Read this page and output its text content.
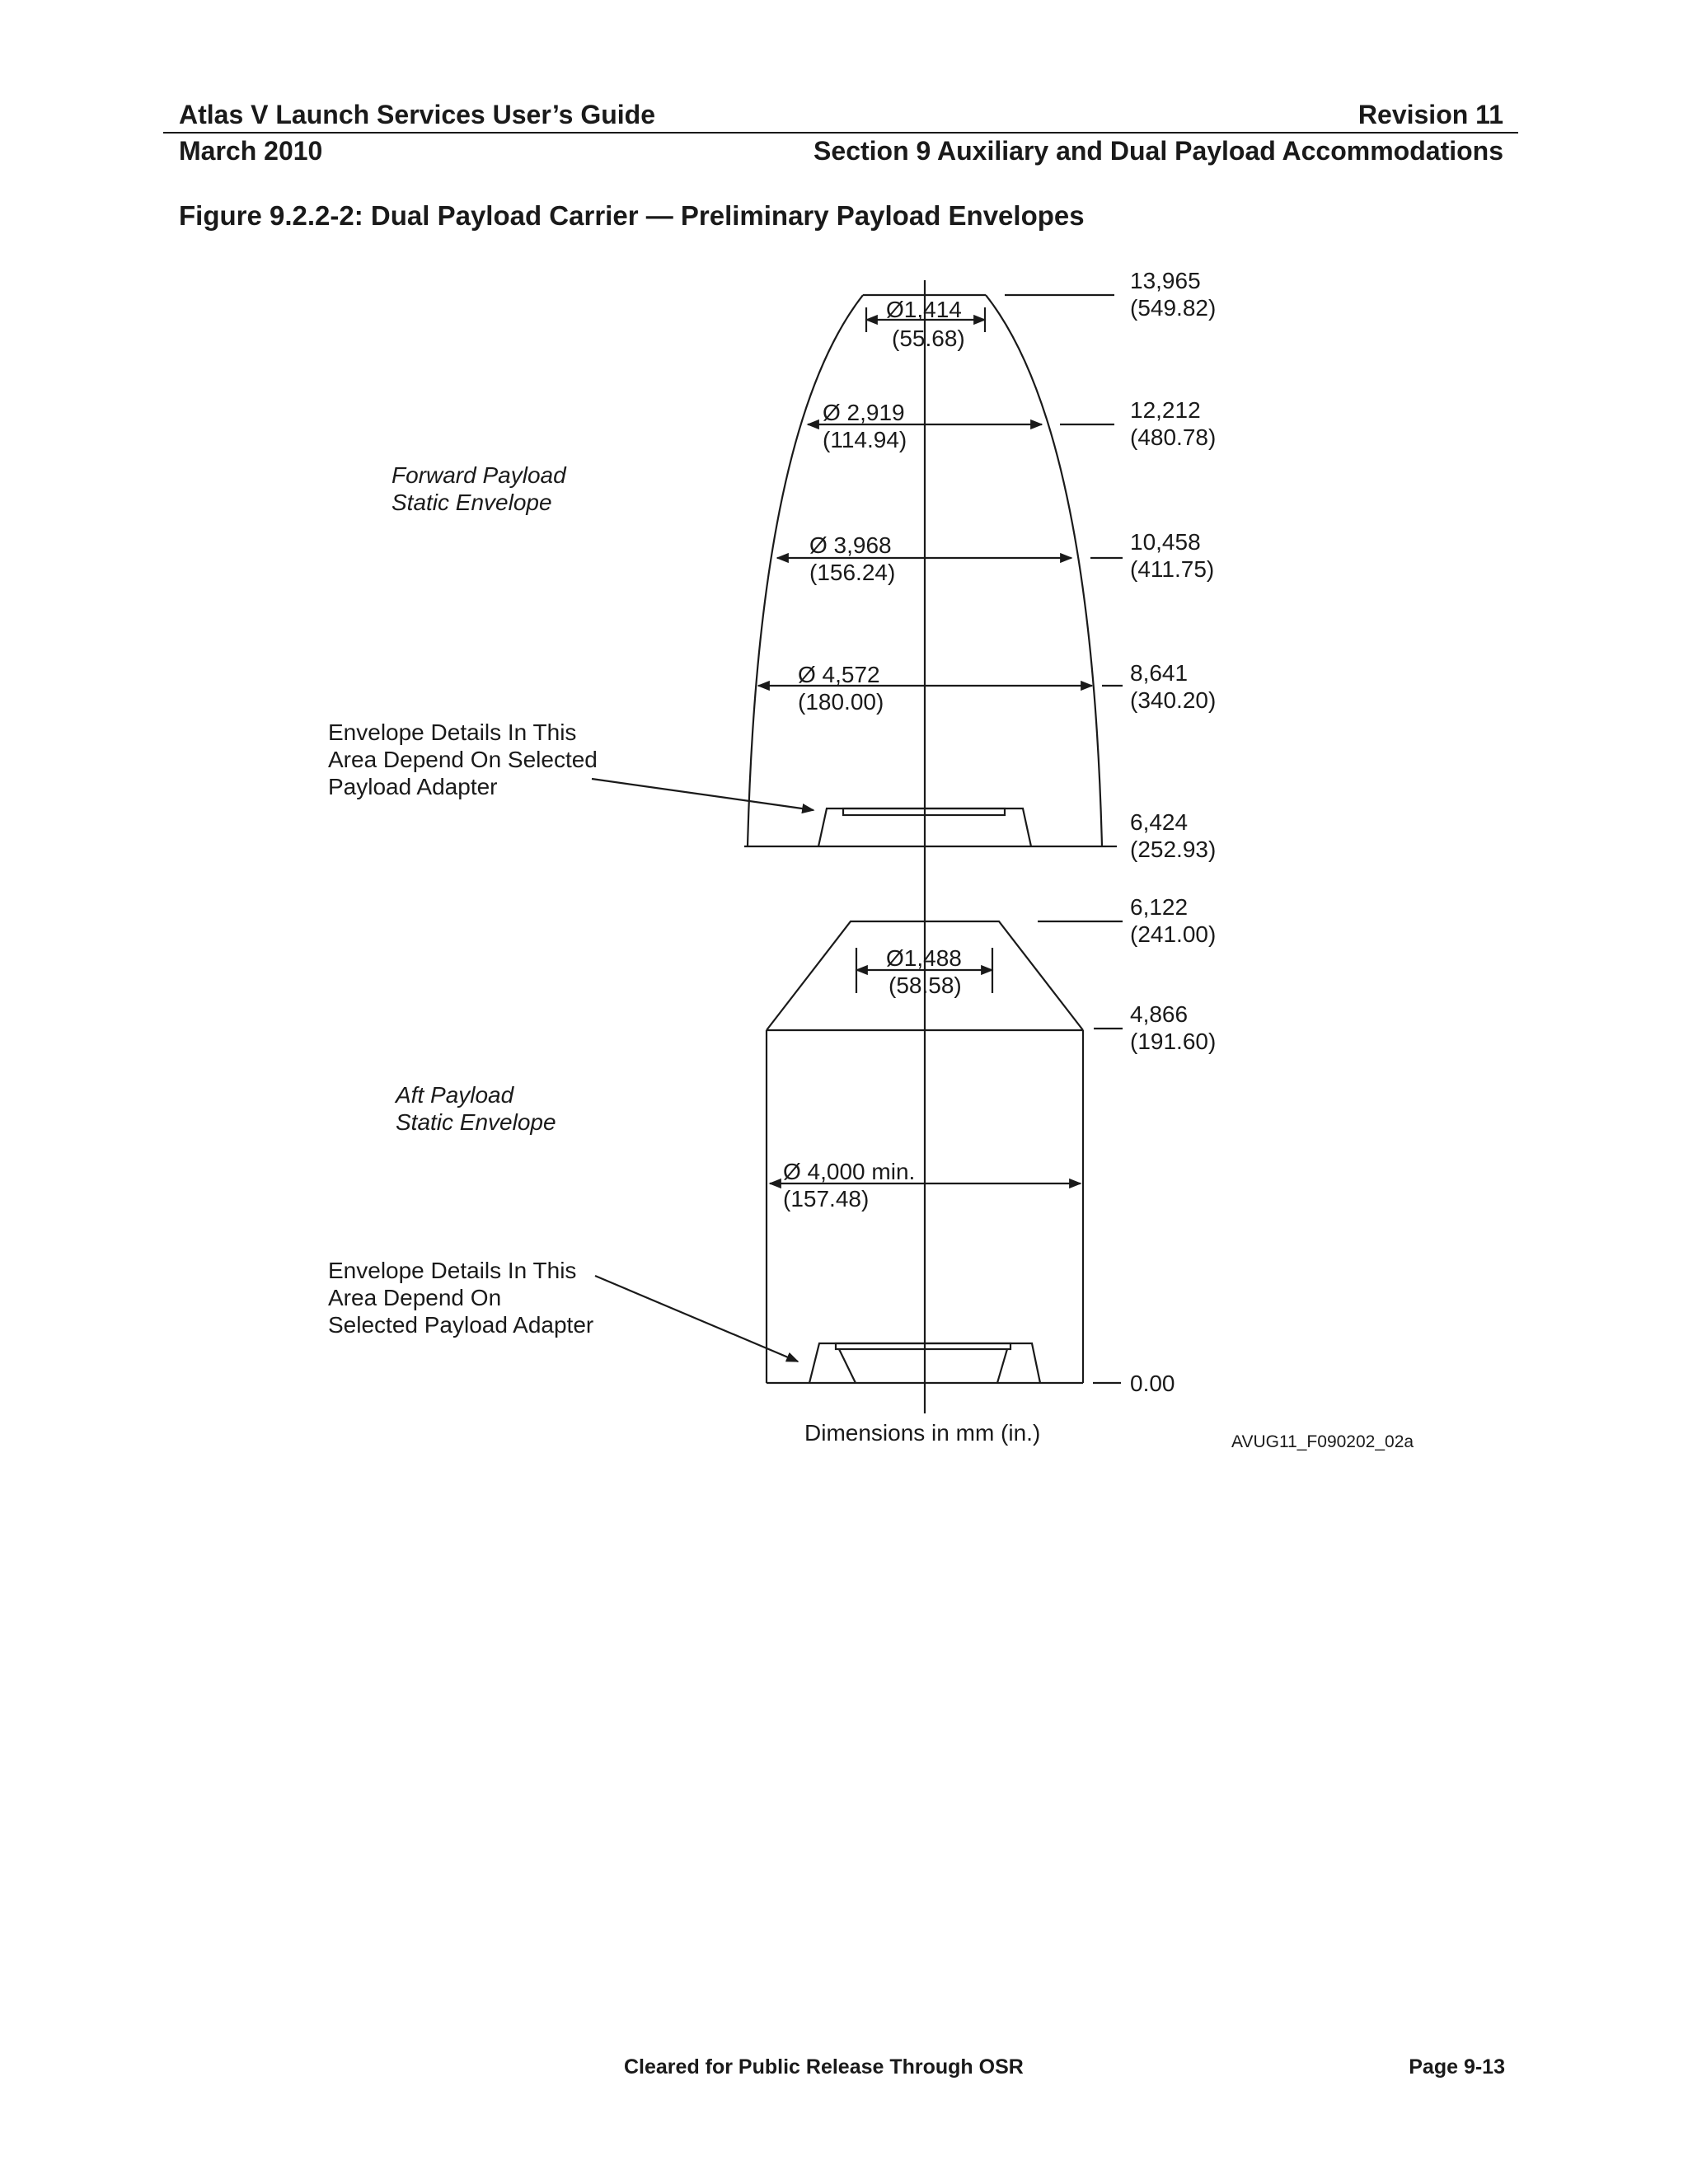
Atlas V Launch Services User’s Guide	Revision 11
March 2010	Section 9 Auxiliary and Dual Payload Accommodations
Figure 9.2.2-2: Dual Payload Carrier — Preliminary Payload Envelopes
Ø1,414
(55.68)
Ø 2,919
(114.94)
Ø 3,968
(156.24)
Ø 4,572
(180.00)
Ø1,488
(58.58)
Ø 4,000 min.
(157.48)
13,965
(549.82)
12,212
(480.78)
10,458
(411.75)
8,641
(340.20)
6,424
(252.93)
6,122
(241.00)
4,866
(191.60)
0.00
Forward Payload
Static Envelope
Aft Payload
Static Envelope
Envelope Details In This
Area Depend On Selected
Payload Adapter
Envelope Details In This
Area Depend On
Selected Payload Adapter
Dimensions in mm (in.)	AVUG11_F090202_02a
Cleared for Public Release Through OSR	Page 9-13
